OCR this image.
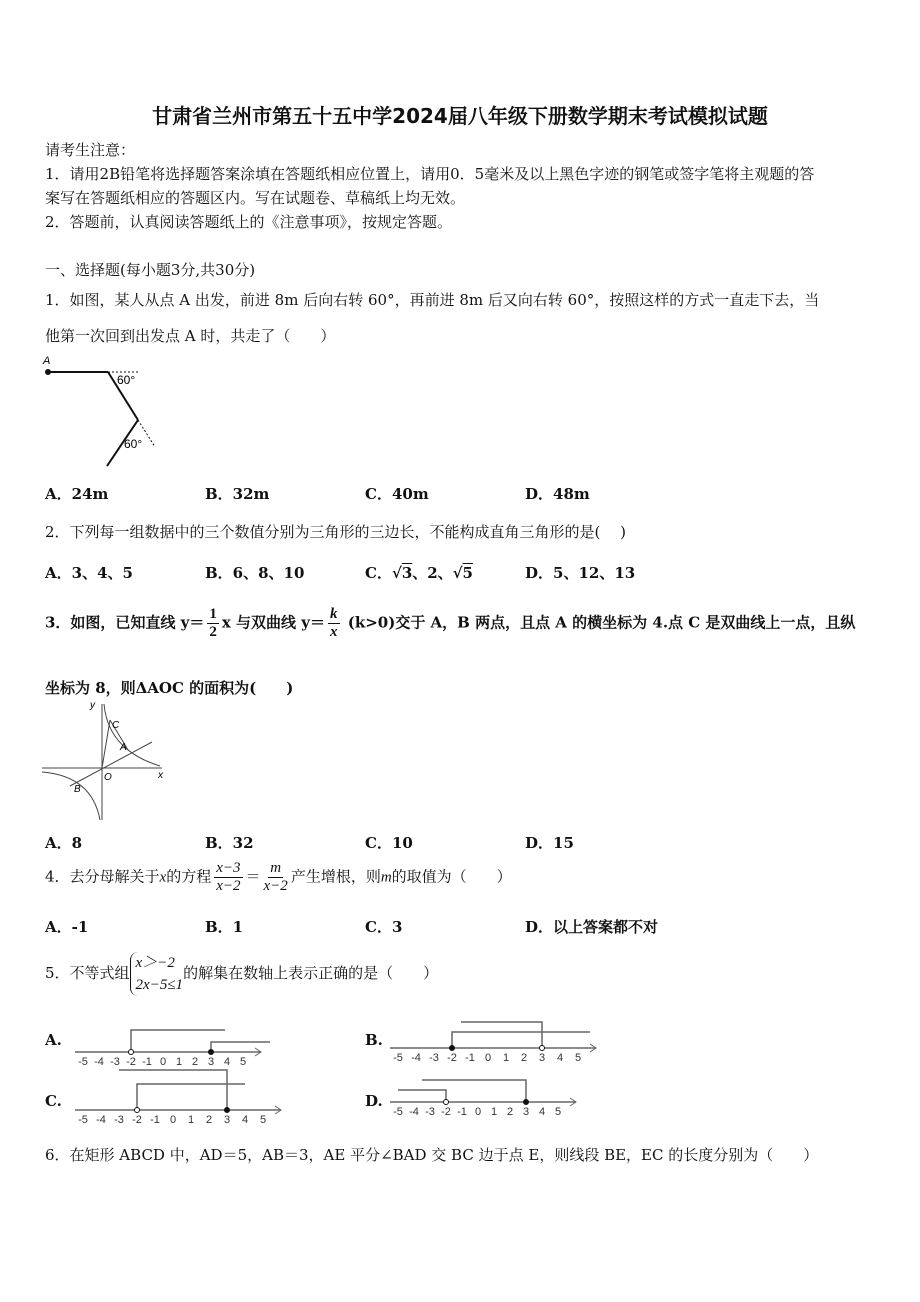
甘肃省兰州市第五十五中学2024届八年级下册数学期末考试模拟试题
请考生注意：
1．请用2B铅笔将选择题答案涂填在答题纸相应位置上，请用0．5毫米及以上黑色字迹的钢笔或签字笔将主观题的答
案写在答题纸相应的答题区内。写在试题卷、草稿纸上均无效。
2．答题前，认真阅读答题纸上的《注意事项》，按规定答题。
一、选择题(每小题3分,共30分)
1．如图，某人从点 A 出发，前进 8m 后向右转 60°，再前进 8m 后又向右转 60°，按照这样的方式一直走下去，当
他第一次回到出发点 A 时，共走了（　　）
A
60°
60°
A．24m	B．32m	C．40m	D．48m
2．下列每一组数据中的三个数值分别为三角形的三边长，不能构成直角三角形的是(　 )
A．3、4、5	B．6、8、10	C．√3、2、√5	D．5、12、13
3．如图，已知直线 $y= \frac{1}{2}$ x 与双曲线 $y= \frac{k}{x} (k>0)$交于 A，B 两点，且点 A 的横坐标为 4.点 C 是双曲线上一点，且纵
坐标为 8，则ΔAOC 的面积为(　　)
y
x
O
A
B
C
A．8	B．32	C．10	D．15
4．去分母解关于x的方程 $\frac{x-3}{x-2} = \frac{m}{x-2}$ 产生增根，则m的取值为（　　）
A．-1	B．1	C．3	D．以上答案都不对
5．不等式组
x＞−2
2x−5≤1
的解集在数轴上表示正确的是（　　）
A.	B.
C.	D.
-5 -4 -3 -2 -1 0 1 2 3 4 5	-5 -4 -3 -2 -1 0 1 2 3 4 5
-5 -4 -3 -2 -1 0 1 2 3 4 5
-5 -4 -3 -2 -1 0 1 2 3 4 5
6．在矩形 ABCD 中，AD＝5，AB＝3，AE 平分∠BAD 交 BC 边于点 E，则线段 BE，EC 的长度分别为（　　）
